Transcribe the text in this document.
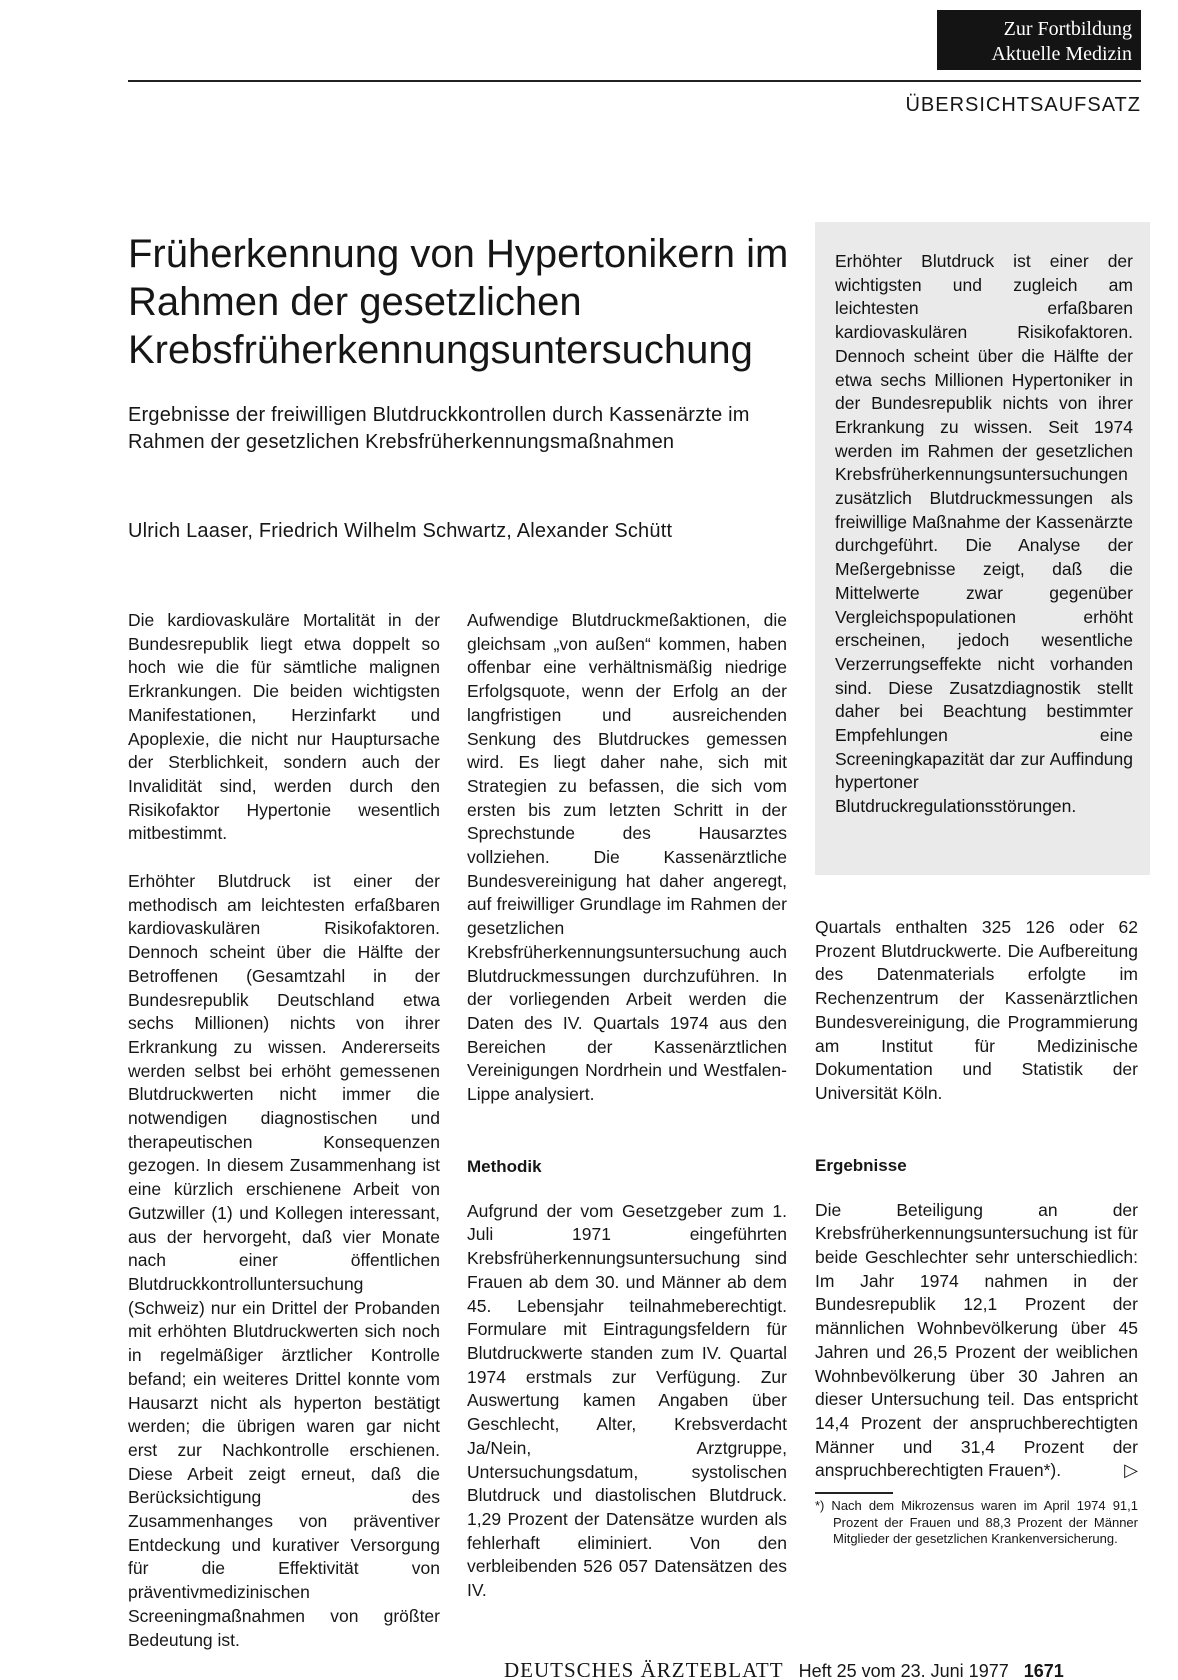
Zur Fortbildung
Aktuelle Medizin
ÜBERSICHTSAUFSATZ
Früherkennung von Hypertonikern im Rahmen der gesetzlichen Krebsfrüherkennungsuntersuchung
Ergebnisse der freiwilligen Blutdruckkontrollen durch Kassenärzte im Rahmen der gesetzlichen Krebsfrüherkennungsmaßnahmen
Ulrich Laaser, Friedrich Wilhelm Schwartz, Alexander Schütt

Erhöhter Blutdruck ist einer der wichtigsten und zugleich am leichtesten erfaßbaren kardiovaskulären Risikofaktoren. Dennoch scheint über die Hälfte der etwa sechs Millionen Hypertoniker in der Bundesrepublik nichts von ihrer Erkrankung zu wissen. Seit 1974 werden im Rahmen der gesetzlichen Krebsfrüherkennungsuntersuchungen zusätzlich Blutdruckmessungen als freiwillige Maßnahme der Kassenärzte durchgeführt. Die Analyse der Meßergebnisse zeigt, daß die Mittelwerte zwar gegenüber Vergleichspopulationen erhöht erscheinen, jedoch wesentliche Verzerrungseffekte nicht vorhanden sind. Diese Zusatzdiagnostik stellt daher bei Beachtung bestimmter Empfehlungen eine Screeningkapazität dar zur Auffindung hypertoner Blutdruckregulationsstörungen.

Die kardiovaskuläre Mortalität in der Bundesrepublik liegt etwa doppelt so hoch wie die für sämtliche malignen Erkrankungen. Die beiden wichtigsten Manifestationen, Herzinfarkt und Apoplexie, die nicht nur Hauptursache der Sterblichkeit, sondern auch der Invalidität sind, werden durch den Risikofaktor Hypertonie wesentlich mitbestimmt.

Erhöhter Blutdruck ist einer der methodisch am leichtesten erfaßbaren kardiovaskulären Risikofaktoren. Dennoch scheint über die Hälfte der Betroffenen (Gesamtzahl in der Bundesrepublik Deutschland etwa sechs Millionen) nichts von ihrer Erkrankung zu wissen. Andererseits werden selbst bei erhöht gemessenen Blutdruckwerten nicht immer die notwendigen diagnostischen und therapeutischen Konsequenzen gezogen. In diesem Zusammenhang ist eine kürzlich erschienene Arbeit von Gutzwiller (1) und Kollegen interessant, aus der hervorgeht, daß vier Monate nach einer öffentlichen Blutdruckkontrolluntersuchung (Schweiz) nur ein Drittel der Probanden mit erhöhten Blutdruckwerten sich noch in regelmäßiger ärztlicher Kontrolle befand; ein weiteres Drittel konnte vom Hausarzt nicht als hyperton bestätigt werden; die übrigen waren gar nicht erst zur Nachkontrolle erschienen. Diese Arbeit zeigt erneut, daß die Berücksichtigung des Zusammenhanges von präventiver Entdeckung und kurativer Versorgung für die Effektivität von präventivmedizinischen Screeningmaßnahmen von größter Bedeutung ist.

Aufwendige Blutdruckmeßaktionen, die gleichsam „von außen“ kommen, haben offenbar eine verhältnismäßig niedrige Erfolgsquote, wenn der Erfolg an der langfristigen und ausreichenden Senkung des Blutdruckes gemessen wird. Es liegt daher nahe, sich mit Strategien zu befassen, die sich vom ersten bis zum letzten Schritt in der Sprechstunde des Hausarztes vollziehen. Die Kassenärztliche Bundesvereinigung hat daher angeregt, auf freiwilliger Grundlage im Rahmen der gesetzlichen Krebsfrüherkennungsuntersuchung auch Blutdruckmessungen durchzuführen. In der vorliegenden Arbeit werden die Daten des IV. Quartals 1974 aus den Bereichen der Kassenärztlichen Vereinigungen Nordrhein und Westfalen-Lippe analysiert.

Methodik

Aufgrund der vom Gesetzgeber zum 1. Juli 1971 eingeführten Krebsfrüherkennungsuntersuchung sind Frauen ab dem 30. und Männer ab dem 45. Lebensjahr teilnahmeberechtigt. Formulare mit Eintragungsfeldern für Blutdruckwerte standen zum IV. Quartal 1974 erstmals zur Verfügung. Zur Auswertung kamen Angaben über Geschlecht, Alter, Krebsverdacht Ja/Nein, Arztgruppe, Untersuchungsdatum, systolischen Blutdruck und diastolischen Blutdruck. 1,29 Prozent der Datensätze wurden als fehlerhaft eliminiert. Von den verbleibenden 526 057 Datensätzen des IV.

Quartals enthalten 325 126 oder 62 Prozent Blutdruckwerte. Die Aufbereitung des Datenmaterials erfolgte im Rechenzentrum der Kassenärztlichen Bundesvereinigung, die Programmierung am Institut für Medizinische Dokumentation und Statistik der Universität Köln.

Ergebnisse

Die Beteiligung an der Krebsfrüherkennungsuntersuchung ist für beide Geschlechter sehr unterschiedlich: Im Jahr 1974 nahmen in der Bundesrepublik 12,1 Prozent der männlichen Wohnbevölkerung über 45 Jahren und 26,5 Prozent der weiblichen Wohnbevölkerung über 30 Jahren an dieser Untersuchung teil. Das entspricht 14,4 Prozent der anspruchberechtigten Männer und 31,4 Prozent der anspruchberechtigten Frauen*).	▷

*) Nach dem Mikrozensus waren im April 1974 91,1 Prozent der Frauen und 88,3 Prozent der Männer Mitglieder der gesetzlichen Krankenversicherung.
DEUTSCHES ÄRZTEBLATT Heft 25 vom 23. Juni 1977 1671
